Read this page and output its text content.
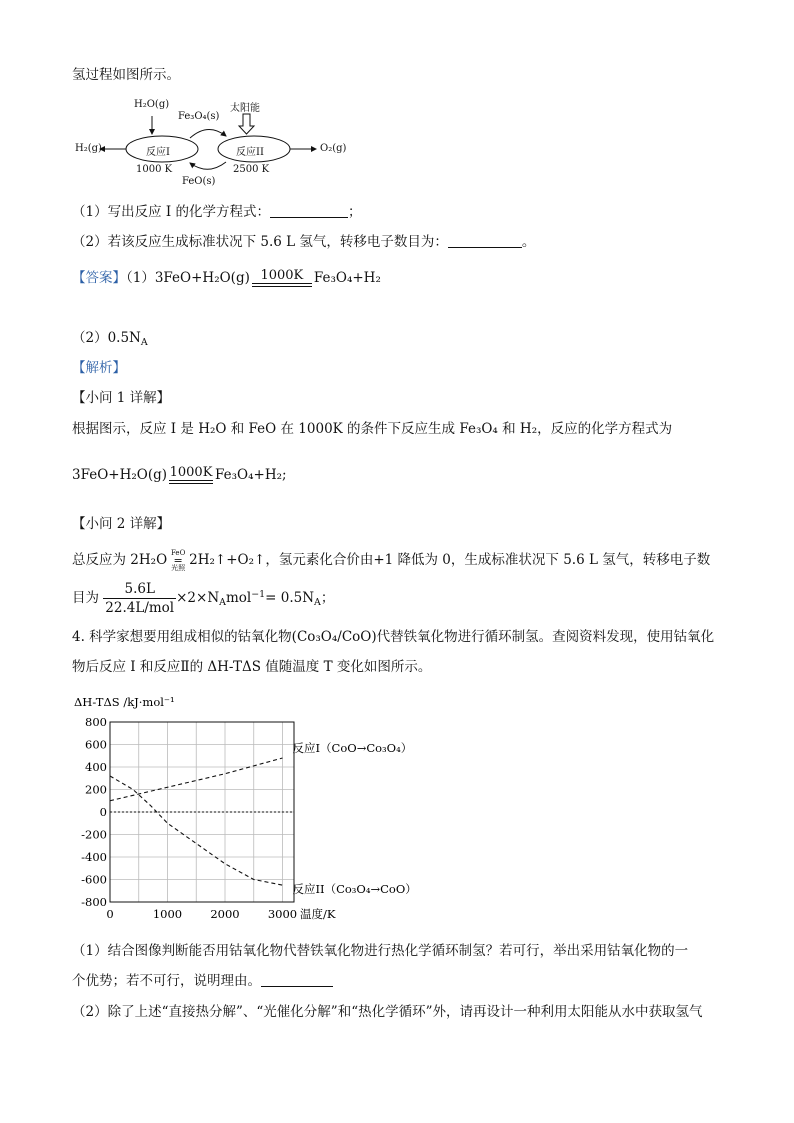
氢过程如图所示。
H₂O(g)
Fe₃O₄(s)
太阳能
H₂(g)	反应I	反应II	O₂(g)
1000 K
FeO(s)
2500 K
（1）写出反应 I 的化学方程式：	；
（2）若该反应生成标准状况下 5.6 L 氢气，转移电子数目为：	。
【答案】（1）3FeO+H₂O(g) 1000K Fe₃O₄+H₂
$(2)0.5N_A$
【解析】
【小问 1 详解】
根据图示，反应 I 是 H₂O 和 FeO 在 1000K 的条件下反应生成 Fe₃O₄ 和 H₂，反应的化学方程式为
3FeO+H₂O(g) 1000K Fe₃O₄+H₂;
【小问 2 详解】
总反应为 2H₂O FeO
=
光照 2H₂↑+O₂↑，氢元素化合价由+1 降低为 0，生成标准状况下 5.6 L 氢气，转移电子数
目为 $\frac{5.6L}{\text{22.4L/mol}} \times 2\times N_Amol^{-1}= 0.5N_A$；
4. 科学家想要用组成相似的钴氧化物(Co₃O₄/CoO)代替铁氧化物进行循环制氢。查阅资料发现，使用钴氧化
物后反应 I 和反应Ⅱ的 ΔH-TΔS 值随温度 T 变化如图所示。
800
600
400
200
0
-200
-400
-600
-800
0	1000 2000 3000
ΔH-TΔS /kJ·mol⁻¹
温度/K
反应I（CoO→Co₃O₄）
反应II（Co₃O₄→CoO）
（1）结合图像判断能否用钴氧化物代替铁氧化物进行热化学循环制氢？若可行，举出采用钴氧化物的一
个优势；若不可行，说明理由。
（2）除了上述“直接热分解”、“光催化分解”和“热化学循环”外，请再设计一种利用太阳能从水中获取氢气
